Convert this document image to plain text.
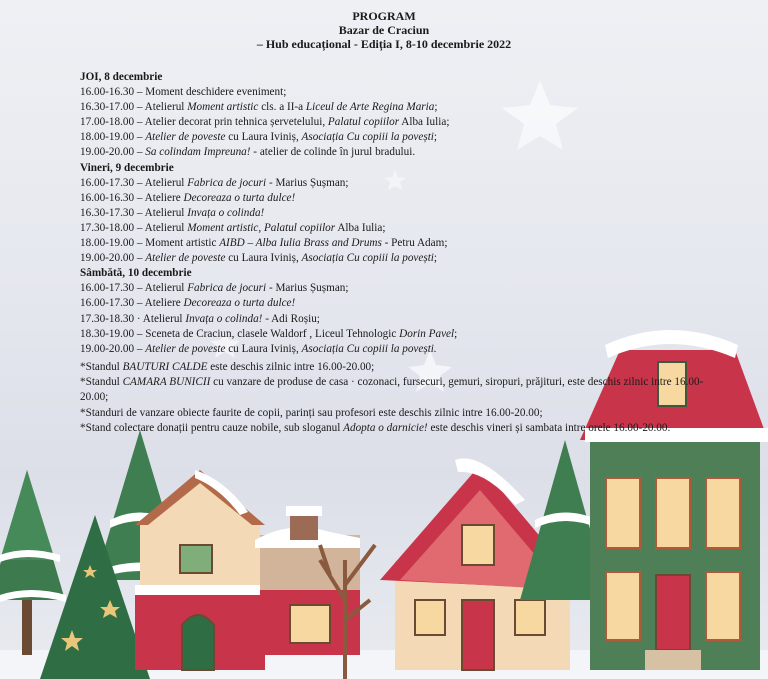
PROGRAM
Bazar de Craciun
– Hub educațional - Ediția I, 8-10 decembrie 2022
JOI, 8 decembrie
16.00-16.30 – Moment deschidere eveniment;
16.30-17.00 – Atelierul Moment artistic cls. a II-a Liceul de Arte Regina Maria;
17.00-18.00 – Atelier decorat prin tehnica șervetelului, Palatul copiilor Alba Iulia;
18.00-19.00 – Atelier de poveste cu Laura Iviniș, Asociația Cu copiii la povești;
19.00-20.00 – Sa colindam Impreuna! - atelier de colinde în jurul bradului.
Vineri, 9 decembrie
16.00-17.30 – Atelierul Fabrica de jocuri - Marius Șușman;
16.00-16.30 – Ateliere Decoreaza o turta dulce!
16.30-17.30 – Atelierul Invața o colinda!
17.30-18.00 – Atelierul Moment artistic, Palatul copiilor Alba Iulia;
18.00-19.00 – Moment artistic AIBD – Alba Iulia Brass and Drums - Petru Adam;
19.00-20.00 – Atelier de poveste cu Laura Iviniș, Asociația Cu copiii la povești;
Sâmbătă, 10 decembrie
16.00-17.30 – Atelierul Fabrica de jocuri - Marius Șușman;
16.00-17.30 – Ateliere Decoreaza o turta dulce!
17.30-18.30 · Atelierul Invața o colinda! - Adi Roșiu;
18.30-19.00 – Sceneta de Craciun, clasele Waldorf , Liceul Tehnologic Dorin Pavel;
19.00-20.00 – Atelier de poveste cu Laura Iviniș, Asociația Cu copiii la povești.

*Standul BAUTURI CALDE este deschis zilnic intre 16.00-20.00;

*Standul CAMARA BUNICII cu vanzare de produse de casa · cozonaci, fursecuri, gemuri, siropuri, prăjituri, este deschis zilnic intre 16.00-20.00;

*Standuri de vanzare obiecte faurite de copii, parinți sau profesori este deschis zilnic intre 16.00-20.00;

*Stand colectare donații pentru cauze nobile, sub sloganul Adopta o darnicie! este deschis vineri și sambata intre orele 16.00-20.00.
